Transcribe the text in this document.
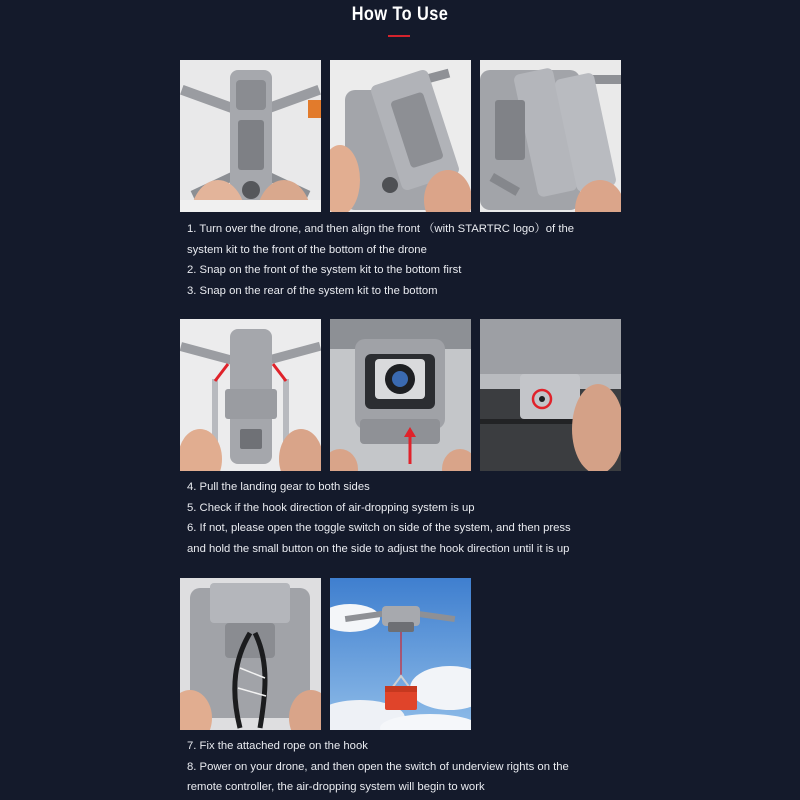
How To Use
1. Turn over the drone, and then align the front （with STARTRC logo）of the
system kit to the front of the bottom of the drone
2. Snap on the front of the system kit to the bottom first
3. Snap on the rear of the system kit to the bottom
4. Pull the landing gear to both sides
5. Check if the hook direction of air-dropping system is up
6. If not, please open the toggle switch on side of the system, and then press
and hold the small button on the side to adjust the hook direction until it is up
7. Fix the attached rope on the hook
8. Power on your drone, and then open the switch of underview rights on the
remote controller, the air-dropping system will begin to work
